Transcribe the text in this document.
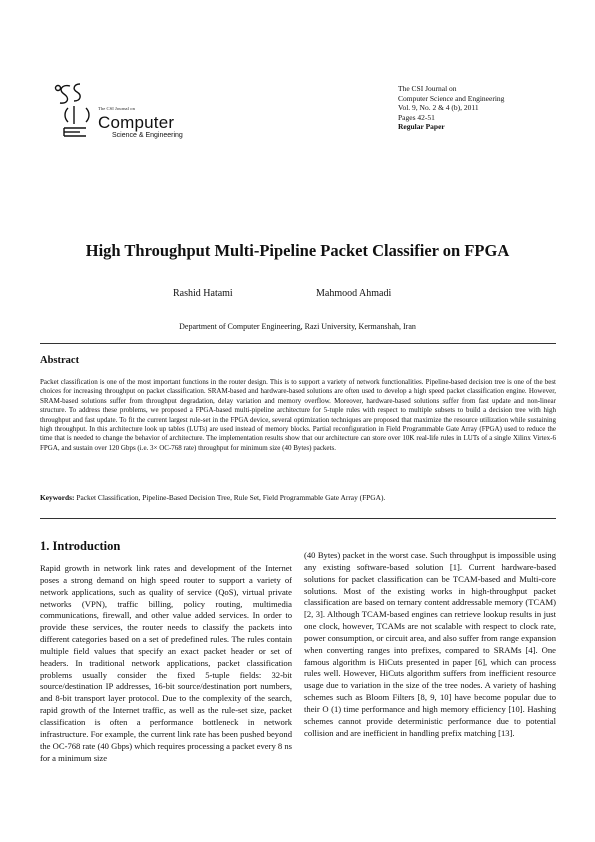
The CSI Journal on
Computer
Science & Engineering
The CSI Journal on
Computer Science and Engineering
Vol. 9, No. 2 & 4 (b), 2011
Pages 42-51
Regular Paper
High Throughput Multi-Pipeline Packet Classifier on FPGA
Rashid Hatami	Mahmood Ahmadi
Department of Computer Engineering, Razi University, Kermanshah, Iran
Abstract
Packet classification is one of the most important functions in the router design. This is to support a variety of network functionalities. Pipeline-based decision tree is one of the best choices for increasing throughput on packet classification. SRAM-based and hardware-based solutions are often used to develop a high speed packet classification engine. However, SRAM-based solutions suffer from throughput degradation, delay variation and memory overflow. Moreover, hardware-based solutions suffer from fast update and non-linear structure. To address these problems, we proposed a FPGA-based multi-pipeline architecture for 5-tuple rules with respect to multiple subsets to build a decision tree with high throughput and fast update. To fit the current largest rule-set in the FPGA device, several optimization techniques are proposed that maximize the resource utilization while sustaining high throughput. In this architecture look up tables (LUTs) are used instead of memory blocks. Partial reconfiguration in Field Programmable Gate Array (FPGA) used to reduce the time that is needed to change the behavior of architecture. The implementation results show that our architecture can store over 10K real-life rules in LUTs of a single Xilinx Virtex-6 FPGA, and sustain over 120 Gbps (i.e. 3× OC-768 rate) throughput for minimum size (40 Bytes) packets.
Keywords: Packet Classification, Pipeline-Based Decision Tree, Rule Set, Field Programmable Gate Array (FPGA).
1. Introduction
Rapid growth in network link rates and development of the Internet poses a strong demand on high speed router to support a variety of network applications, such as quality of service (QoS), virtual private networks (VPN), traffic billing, policy routing, multimedia communications, firewall, and other value added services. In order to provide these services, the router needs to classify the packets into different categories based on a set of predefined rules. The rules contain multiple field values that specify an exact packet header or set of headers. In traditional network applications, packet classification problems usually consider the fixed 5-tuple fields: 32-bit source/destination IP addresses, 16-bit source/destination port numbers, and 8-bit transport layer protocol. Due to the complexity of the search, rapid growth of the Internet traffic, as well as the rule-set size, packet classification is often a performance bottleneck in network infrastructure. For example, the current link rate has been pushed beyond the OC-768 rate (40 Gbps) which requires processing a packet every 8 ns for a minimum size
(40 Bytes) packet in the worst case. Such throughput is impossible using any existing software-based solution [1]. Current hardware-based solutions for packet classification can be TCAM-based and Multi-core solutions. Most of the existing works in high-throughput packet classification are based on ternary content addressable memory (TCAM) [2, 3]. Although TCAM-based engines can retrieve lookup results in just one clock, however, TCAMs are not scalable with respect to clock rate, power consumption, or circuit area, and also suffer from range expansion when converting ranges into prefixes, compared to SRAMs [4]. One famous algorithm is HiCuts presented in paper [6], which can process rules well. However, HiCuts algorithm suffers from inefficient resource usage due to variation in the size of the tree nodes. A variety of hashing schemes such as Bloom Filters [8, 9, 10] have become popular due to their O (1) time performance and high memory efficiency [10]. Hashing schemes cannot provide deterministic performance due to potential collision and are inefficient in handling prefix matching [13].
